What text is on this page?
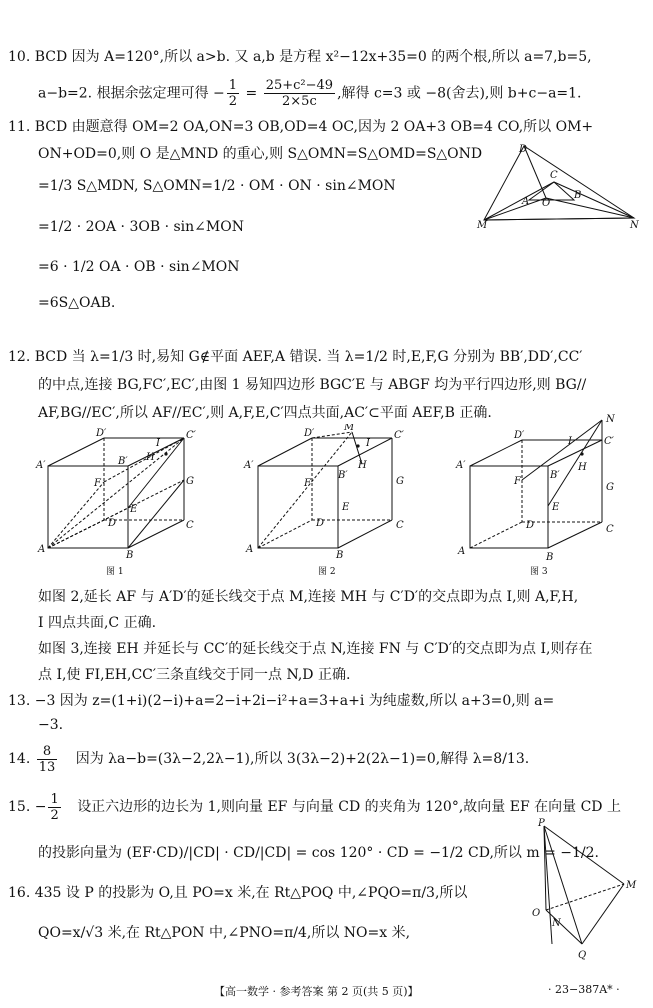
10. BCD 因为 A=120°,所以 a>b. 又 a,b 是方程 x²−12x+35=0 的两个根,所以 a=7,b=5,
a−b=2. 根据余弦定理可得 − $\frac{1}{2} = \frac{\text{25+c²−49}}{2\times 5c}$ ,解得 c=3 或 −8(舍去),则 b+c−a=1.
11. BCD 由题意得 OM=2 OA,ON=3 OB,OD=4 OC,因为 2 OA+3 OB=4 CO,所以 OM+
ON+OD=0,则 O 是△MND 的重心,则 S△OMN=S△OMD=S△OND
=1/3 S△MDN, S△OMN=1/2 · OM · ON · sin∠MON
=1/2 · 2OA · 3OB · sin∠MON
=6 · 1/2 OA · OB · sin∠MON
=6S△OAB.
D
C
B
A O
M	N
12. BCD 当 λ=1/3 时,易知 G∉平面 AEF,A 错误. 当 λ=1/2 时,E,F,G 分别为 BB′,DD′,CC′
的中点,连接 BG,FC′,EC′,由图 1 易知四边形 BGC′E 与 ABGF 均为平行四边形,则 BG//
AF,BG//EC′,所以 AF//EC′,则 A,F,E,C′四点共面,AC′⊂平面 AEF,B 正确.
A′	B′
D′	C′
I
H
F	G
E
D	C
A
B
图 1
A′
B′
D′	C′
M
I
H
F	G
E
D	C
A
B
图 2
A′
B′
D′
C′
N
I
H
F
G
E
D	C
A
B
图 3
如图 2,延长 AF 与 A′D′的延长线交于点 M,连接 MH 与 C′D′的交点即为点 I,则 A,F,H,
I 四点共面,C 正确.
如图 3,连接 EH 并延长与 CC′的延长线交于点 N,连接 FN 与 C′D′的交点即为点 I,则存在
点 I,使 FI,EH,CC′三条直线交于同一点 N,D 正确.
13. −3 因为 z=(1+i)(2−i)+a=2−i+2i−i²+a=3+a+i 为纯虚数,所以 a+3=0,则 a=
−3.
14. $\frac{8}{13}$ 因为 λa−b=(3λ−2,2λ−1),所以 3(3λ−2)+2(2λ−1)=0,解得 λ=8/13.
15. − $\frac{1}{2}$ 设正六边形的边长为 1,则向量 EF 与向量 CD 的夹角为 120°,故向量 EF 在向量 CD 上
的投影向量为 (EF·CD)/|CD| · CD/|CD| = cos 120° · CD = −1/2 CD,所以 m = −1/2.
P
M
O
Q
N
16. 435 设 P 的投影为 O,且 PO=x 米,在 Rt△POQ 中,∠PQO=π/3,所以
QO=x/√3 米,在 Rt△PON 中,∠PNO=π/4,所以 NO=x 米,
【高一数学 · 参考答案 第 2 页(共 5 页)】	· 23−387A* ·
